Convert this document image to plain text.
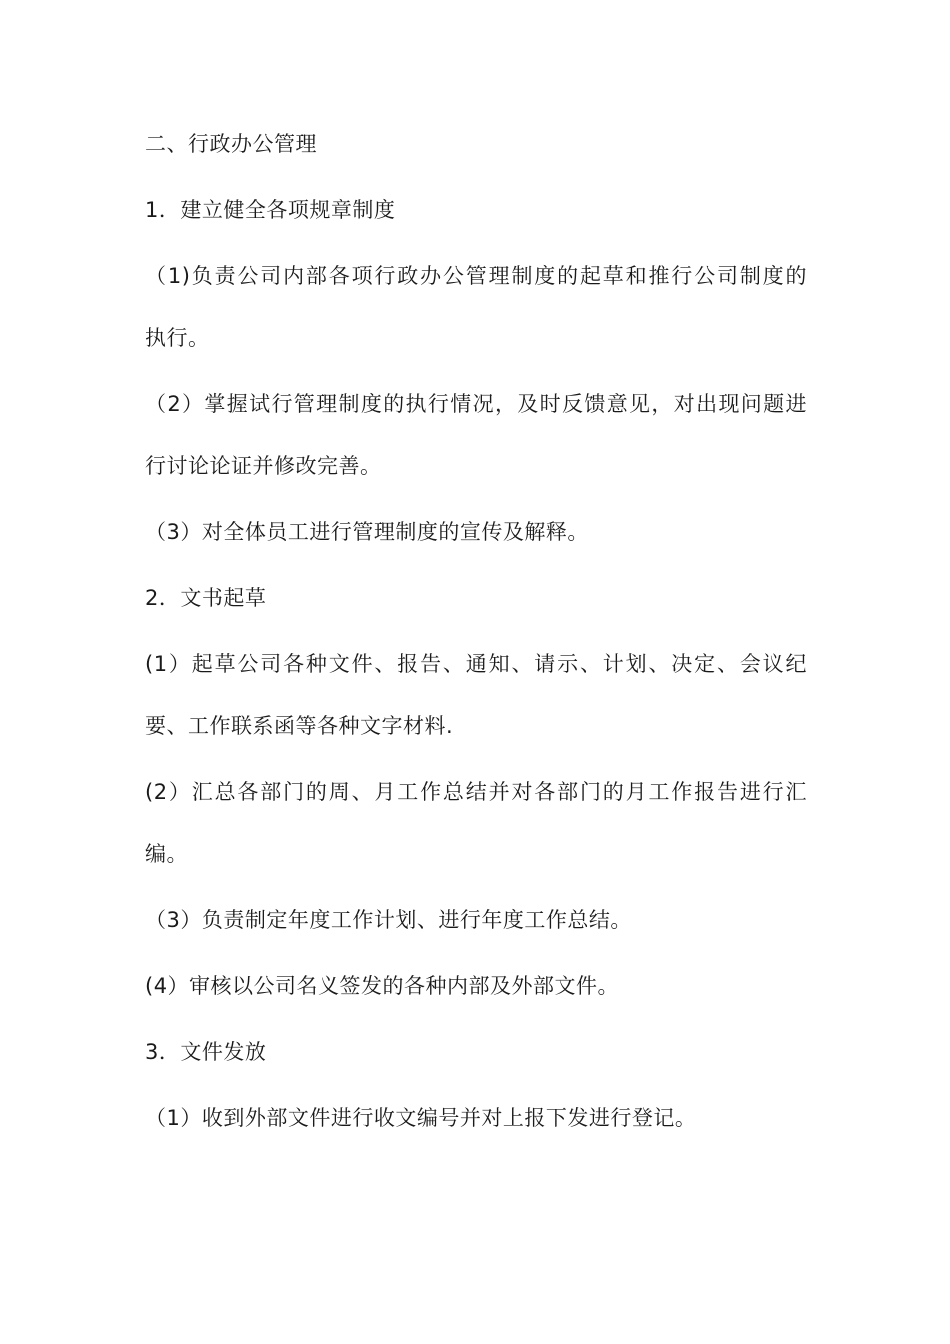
二、行政办公管理
1．建立健全各项规章制度
（1)负责公司内部各项行政办公管理制度的起草和推行公司制度的
执行。
（2）掌握试行管理制度的执行情况，及时反馈意见，对出现问题进
行讨论论证并修改完善。
（3）对全体员工进行管理制度的宣传及解释。
2．文书起草
(1）起草公司各种文件、报告、通知、请示、计划、决定、会议纪
要、工作联系函等各种文字材料.
(2）汇总各部门的周、月工作总结并对各部门的月工作报告进行汇
编。
（3）负责制定年度工作计划、进行年度工作总结。
(4）审核以公司名义签发的各种内部及外部文件。
3．文件发放
（1）收到外部文件进行收文编号并对上报下发进行登记。
